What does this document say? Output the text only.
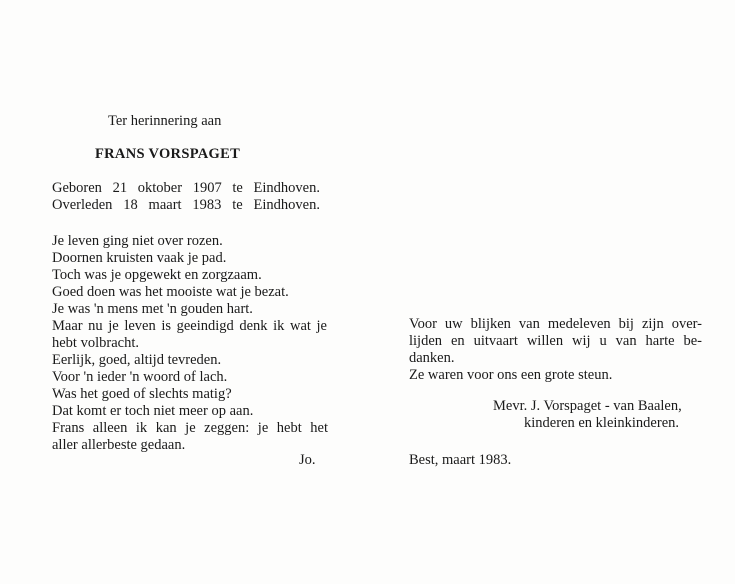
Ter herinnering aan
FRANS VORSPAGET
Geboren 21 oktober 1907 te Eindhoven.
Overleden 18 maart 1983 te Eindhoven.
Je leven ging niet over rozen.
Doornen kruisten vaak je pad.
Toch was je opgewekt en zorgzaam.
Goed doen was het mooiste wat je bezat.
Je was 'n mens met 'n gouden hart.
Maar nu je leven is geeindigd denk ik wat je
hebt volbracht.
Eerlijk, goed, altijd tevreden.
Voor 'n ieder 'n woord of lach.
Was het goed of slechts matig?
Dat komt er toch niet meer op aan.
Frans alleen ik kan je zeggen: je hebt het
aller allerbeste gedaan.
Jo.
Voor uw blijken van medeleven bij zijn over-
lijden en uitvaart willen wij u van harte be-
danken.
Ze waren voor ons een grote steun.
Mevr. J. Vorspaget - van Baalen,
kinderen en kleinkinderen.
Best, maart 1983.
